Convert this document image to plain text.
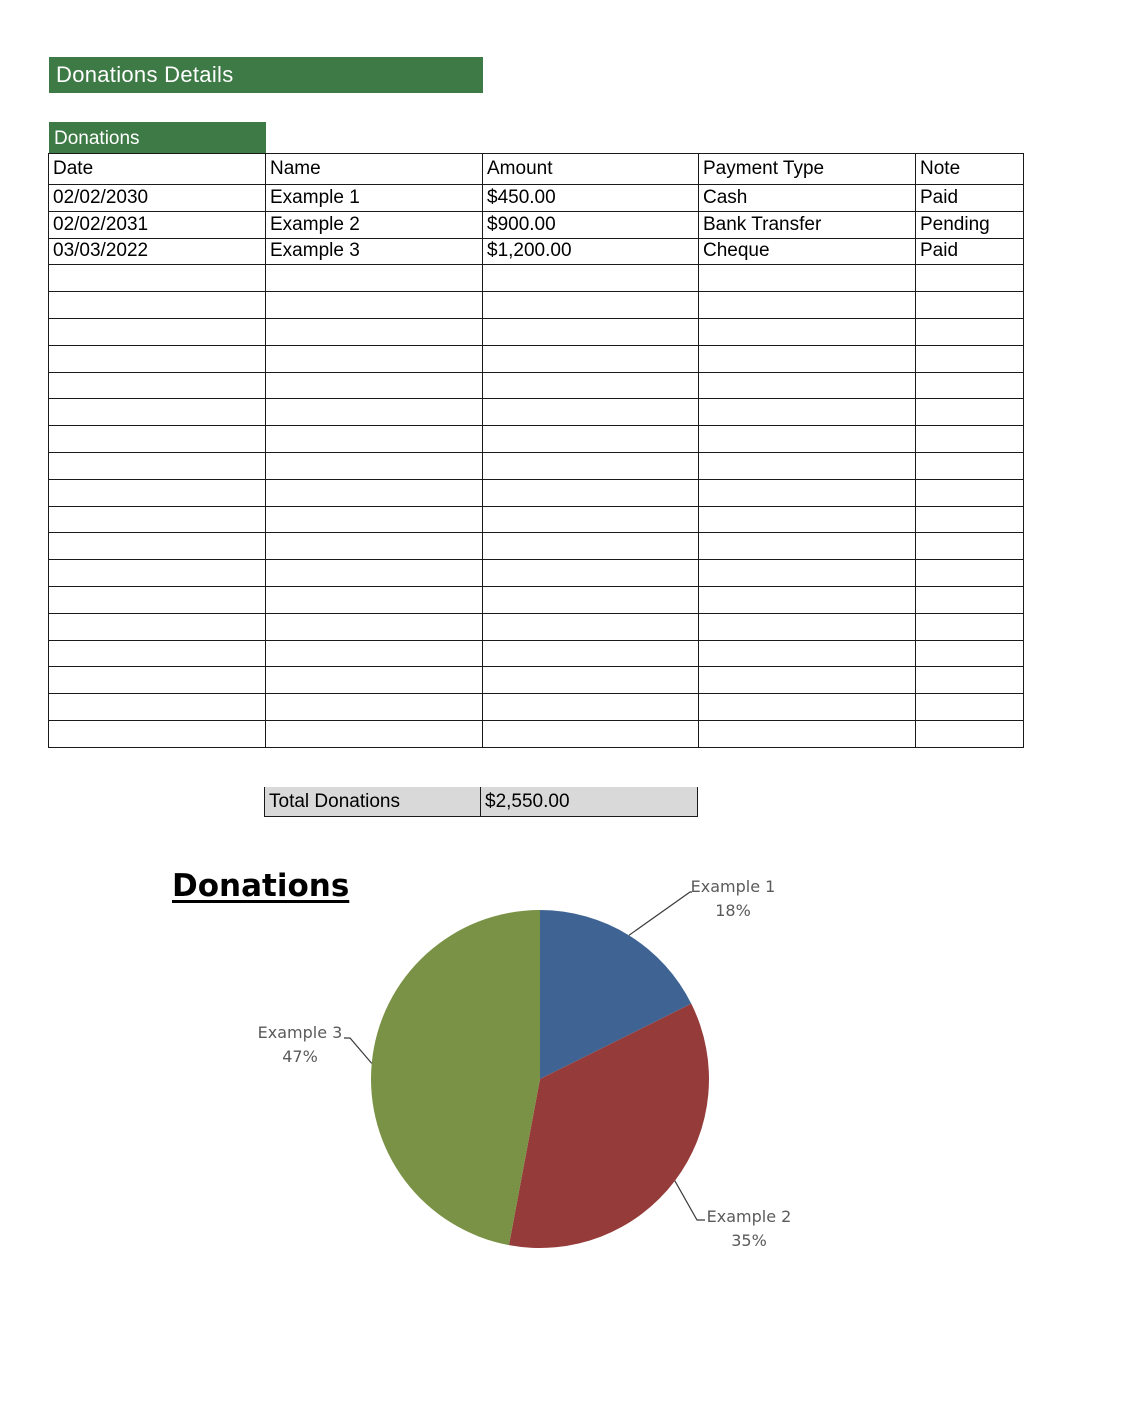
Donations Details
Donations
Date	Name	Amount	Payment Type	Note
02/02/2030	Example 1	$450.00	Cash	Paid
02/02/2031	Example 2	$900.00	Bank Transfer	Pending
03/03/2022	Example 3	$1,200.00	Cheque	Paid

Total Donations	$2,550.00
Donations	Example 1
18%
Example 2
35%
Example 3
47%
